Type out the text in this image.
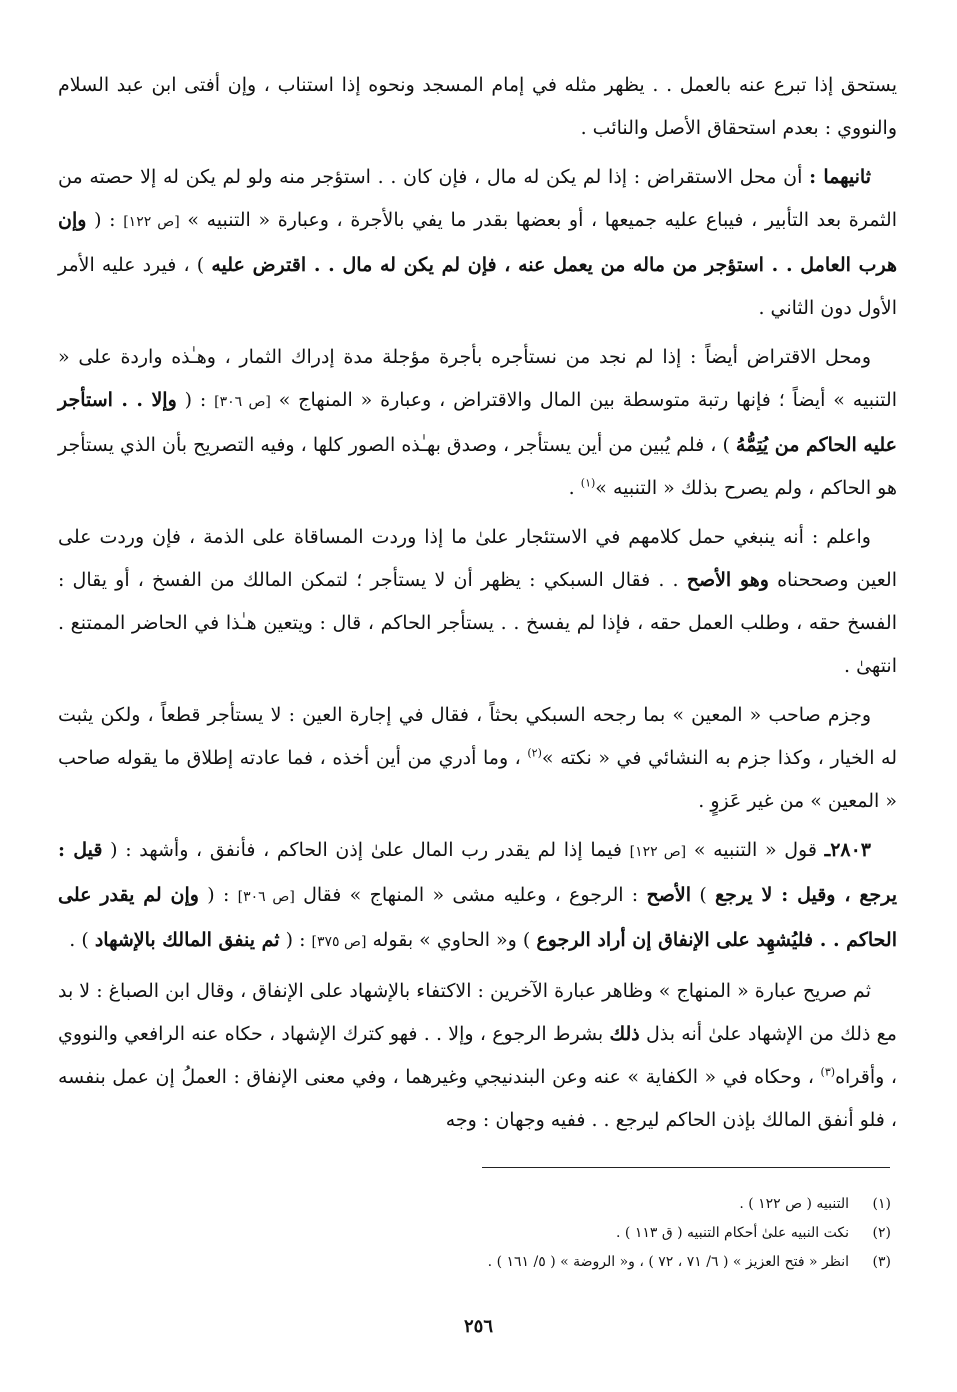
يستحق إذا تبرع عنه بالعمل . . يظهر مثله في إمام المسجد ونحوه إذا استناب ، وإن أفتى ابن عبد السلام والنووي : بعدم استحقاق الأصل والنائب .

ثانيهما : أن محل الاستقراض : إذا لم يكن له مال ، فإن كان . . استؤجر منه ولو لم يكن له إلا حصته من الثمرة بعد التأبير ، فيباع عليه جميعها ، أو بعضها بقدر ما يفي بالأجرة ، وعبارة « التنبيه » [ص ١٢٢] : ( وإن هرب العامل . . استؤجر من ماله من يعمل عنه ، فإن لم يكن له مال . . اقترض عليه ) ، فيرد عليه الأمر الأول دون الثاني .

ومحل الاقتراض أيضاً : إذا لم نجد من نستأجره بأجرة مؤجلة مدة إدراك الثمار ، وهـٰذه واردة على « التنبيه » أيضاً ؛ فإنها رتبة متوسطة بين المال والاقتراض ، وعبارة « المنهاج » [ص ٣٠٦] : ( وإلا . . استأجر عليه الحاكم من يُتِمُّهُ ) ، فلم يُبين من أين يستأجر ، وصدق بهـٰذه الصور كلها ، وفيه التصريح بأن الذي يستأجر هو الحاكم ، ولم يصرح بذلك « التنبيه »$^{(١)}$ .

واعلم : أنه ينبغي حمل كلامهم في الاستئجار علىٰ ما إذا وردت المساقاة على الذمة ، فإن وردت على العين وصححناه وهو الأصح . . فقال السبكي : يظهر أن لا يستأجر ؛ لتمكن المالك من الفسخ ، أو يقال : الفسخ حقه ، وطلب العمل حقه ، فإذا لم يفسخ . . يستأجر الحاكم ، قال : ويتعين هـٰذا في الحاضر الممتنع . انتهىٰ .

وجزم صاحب « المعين » بما رجحه السبكي بحثاً ، فقال في إجارة العين : لا يستأجر قطعاً ، ولكن يثبت له الخيار ، وكذا جزم به النشائي في « نكته »$^{(٢)}$ ، وما أدري من أين أخذه ، فما عادته إطلاق ما يقوله صاحب « المعين » من غير عَزوٍ .

٢٨٠٣ـ قول « التنبيه » [ص ١٢٢] فيما إذا لم يقدر رب المال علىٰ إذن الحاكم ، فأنفق ، وأشهد : ( قيل : يرجع ، وقيل : لا يرجع ) الأصح : الرجوع ، وعليه مشى « المنهاج » فقال [ص ٣٠٦] : ( وإن لم يقدر على الحاكم . . فليُشهِد على الإنفاق إن أراد الرجوع ) و« الحاوي » بقوله [ص ٣٧٥] : ( ثم ينفق المالك بالإشهاد ) .

ثم صريح عبارة « المنهاج » وظاهر عبارة الآخرين : الاكتفاء بالإشهاد على الإنفاق ، وقال ابن الصباغ : لا بد مع ذلك من الإشهاد علىٰ أنه بذل ذلك بشرط الرجوع ، وإلا . . فهو كترك الإشهاد ، حكاه عنه الرافعي والنووي ، وأقراه$^{(٣)}$ ، وحكاه في « الكفاية » عنه وعن البندنيجي وغيرهما ، وفي معنى الإنفاق : العملُ إن عمل بنفسه ، فلو أنفق المالك بإذن الحاكم ليرجع . . ففيه وجهان : وجه

(١)
التنبيه ( ص ١٢٢ ) .
(٢)
نكت النبيه علىٰ أحكام التنبيه ( ق ١١٣ ) .
(٣)
انظر « فتح العزيز » ( ٦/ ٧١ ، ٧٢ ) ، و« الروضة » ( ٥/ ١٦١ ) .
٢٥٦
